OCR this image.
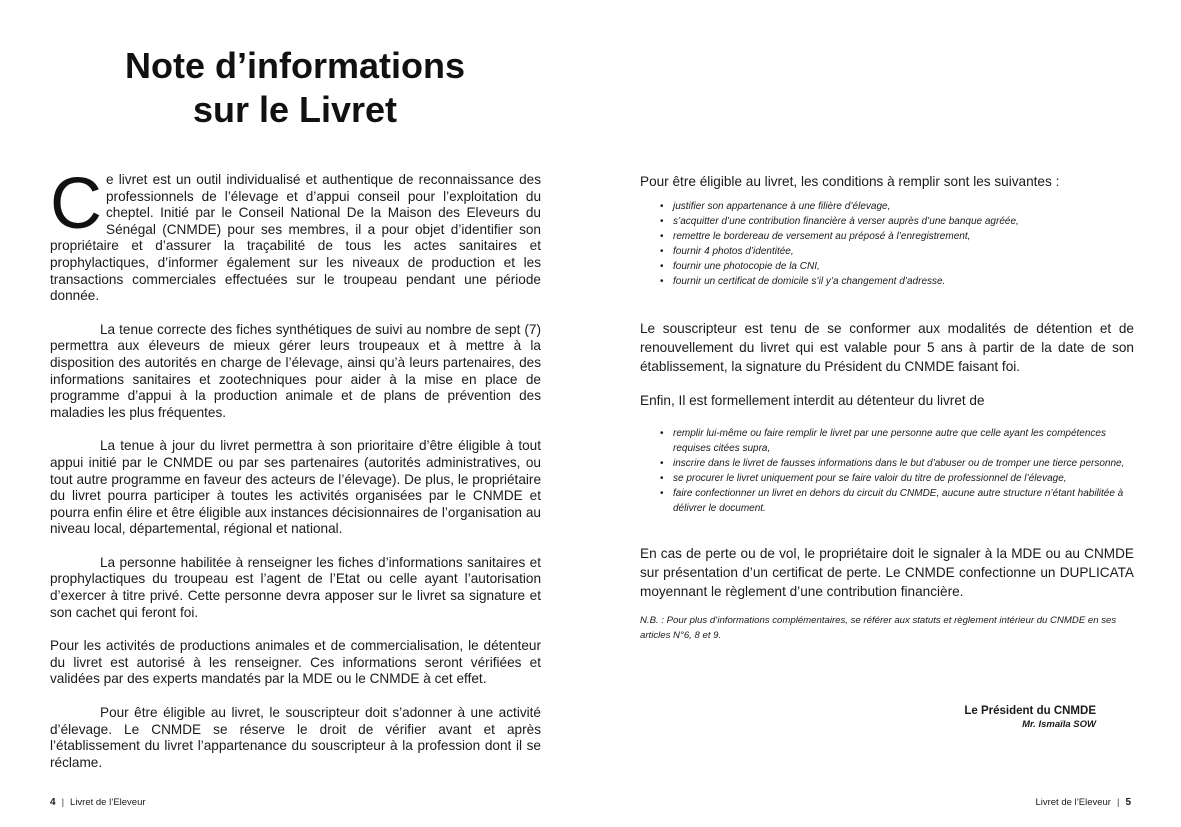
Note d’informations
sur le Livret

Ce livret est un outil individualisé et authentique de reconnaissance des professionnels de l’élevage et d’appui conseil pour l’exploitation du cheptel. Initié par le Conseil National De la Maison des Eleveurs du Sénégal (CNMDE) pour ses membres, il a pour objet d’identifier son propriétaire et d’assurer la traçabilité de tous les actes sanitaires et prophylactiques, d’informer également sur les niveaux de production et les transactions commerciales effectuées sur le troupeau pendant une période donnée.

La tenue correcte des fiches synthétiques de suivi au nombre de sept (7) permettra aux éleveurs de mieux gérer leurs troupeaux et à mettre à la disposition des autorités en charge de l’élevage, ainsi qu’à leurs partenaires, des informations sanitaires et zootechniques pour aider à la mise en place de programme d’appui à la production animale et de plans de prévention des maladies les plus fréquentes.

La tenue à jour du livret permettra à son prioritaire d’être éligible à tout appui initié par le CNMDE ou par ses partenaires (autorités administratives, ou tout autre programme en faveur des acteurs de l’élevage). De plus, le propriétaire du livret pourra participer à toutes les activités organisées par le CNMDE et pourra enfin élire et être éligible aux instances décisionnaires de l’organisation au niveau local, départemental, régional et national.

La personne habilitée à renseigner les fiches d’informations sanitaires et prophylactiques du troupeau est l’agent de l’Etat ou celle ayant l’autorisation d’exercer à titre privé. Cette personne devra apposer sur le livret sa signature et son cachet qui feront foi.

Pour les activités de productions animales et de commercialisation, le détenteur du livret est autorisé à les renseigner. Ces informations seront vérifiées et validées par des experts mandatés par la MDE ou le CNMDE à cet effet.

Pour être éligible au livret, le souscripteur doit s’adonner à une activité d’élevage. Le CNMDE se réserve le droit de vérifier avant et après l’établissement du livret l’appartenance du souscripteur à la profession dont il se réclame.

4 | Livret de l’Eleveur

Pour être éligible au livret, les conditions à remplir sont les suivantes :

• justifier son appartenance à une filière d’élevage,
• s’acquitter d’une contribution financière à verser auprès d’une banque agréée,
• remettre le bordereau de versement au préposé à l’enregistrement,
• fournir 4 photos d’identitée,
• fournir une photocopie de la CNI,
• fournir un certificat de domicile s’il y’a changement d’adresse.

Le souscripteur est tenu de se conformer aux modalités de détention et de renouvellement du livret qui est valable pour 5 ans à partir de la date de son établissement, la signature du Président du CNMDE faisant foi.

Enfin, Il est formellement interdit au détenteur du livret de

• remplir lui-même ou faire remplir le livret par une personne autre que celle ayant les compétences requises citées supra,
• inscrire dans le livret de fausses informations dans le but d’abuser ou de tromper une tierce personne,
• se procurer le livret uniquement pour se faire valoir du titre de professionnel de l’élevage,
• faire confectionner un livret en dehors du circuit du CNMDE, aucune autre structure n’étant habilitée à délivrer le document.

En cas de perte ou de vol, le propriétaire doit le signaler à la MDE ou au CNMDE sur présentation d’un certificat de perte. Le CNMDE confectionne un DUPLICATA moyennant le règlement d’une contribution financière.

N.B. : Pour plus d’informations complémentaires, se référer aux statuts et règlement intérieur du CNMDE en ses articles N°6, 8 et 9.

Le Président du CNMDE
Mr. Ismaïla SOW
Livret de l’Eleveur | 5
